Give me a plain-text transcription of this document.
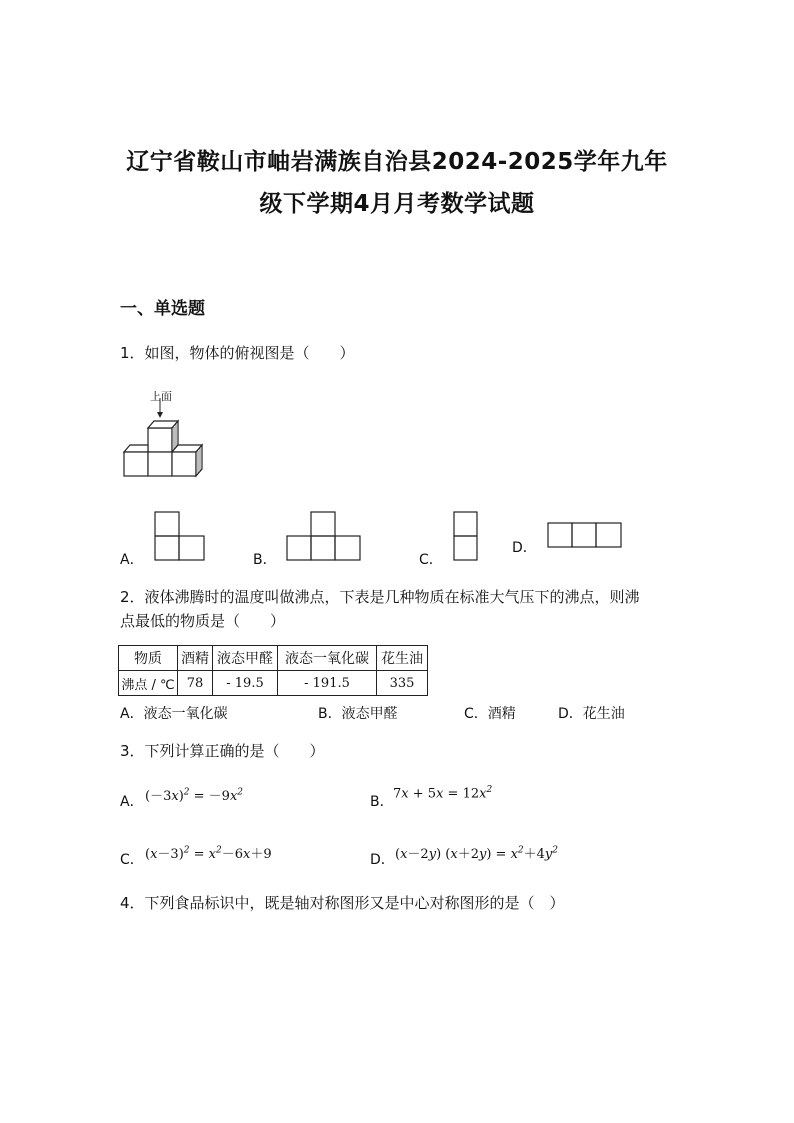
辽宁省鞍山市岫岩满族自治县2024-2025学年九年
级下学期4月月考数学试题
一、单选题
1．如图，物体的俯视图是（　　）
上面
A．	B．	C．
D．
2．液体沸腾时的温度叫做沸点，下表是几种物质在标准大气压下的沸点，则沸
点最低的物质是（　　）
物质	酒精	液态甲醛	液态一氧化碳	花生油
沸点 / ℃	78	- 19.5	- 191.5	335
A．液态一氧化碳	B．液态甲醛	C．酒精	D．花生油
3．下列计算正确的是（　　）
A． $(-3x)^2 = -9x^2$
B．
$7x + 5x = 12x^2$
C． $(x-3)^2 = x^2-6x+9$	D． (x－2y) $(x+2y) = x^2+4y^2$
4．下列食品标识中，既是轴对称图形又是中心对称图形的是（　）
